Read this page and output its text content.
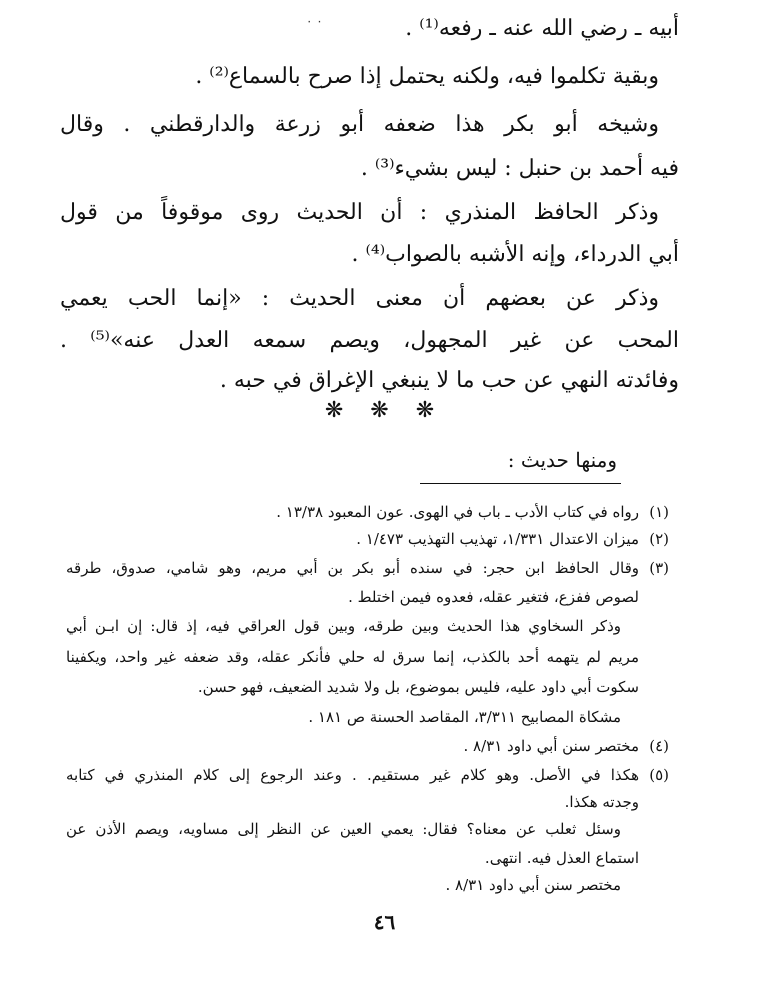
٠ ٠	أبيه ـ رضي الله عنه ـ رفعه⁽¹⁾ .
وبقية تكلموا فيه، ولكنه يحتمل إذا صرح بالسماع⁽²⁾ .
وشيخه أبو بكر هذا ضعفه أبو زرعة والدارقطني . وقال
فيه أحمد بن حنبل : ليس بشيء⁽³⁾ .
وذكر الحافظ المنذري : أن الحديث روى موقوفاً من قول
أبي الدرداء، وإنه الأشبه بالصواب⁽⁴⁾ .
وذكر عن بعضهم أن معنى الحديث : «إنما الحب يعمي
المحب عن غير المجهول، ويصم سمعه العدل عنه»⁽⁵⁾ .
وفائدته النهي عن حب ما لا ينبغي الإغراق في حبه .
❋ ❋ ❋
ومنها حديث :
(١)
رواه في كتاب الأدب ـ باب في الهوى. عون المعبود ١٣/٣٨ .
(٢)
ميزان الاعتدال ١/٣٣١، تهذيب التهذيب ١/٤٧٣ .
(٣)
وقال الحافظ ابن حجر: في سنده أبو بكر بن أبي مريم، وهو شامي، صدوق، طرقه
لصوص ففزع، فتغير عقله، فعدوه فيمن اختلط .
وذكر السخاوي هذا الحديث وبين طرقه، وبين قول العراقي فيه، إذ قال: إن ابـن أبي
مريم لم يتهمه أحد بالكذب، إنما سرق له حلي فأنكر عقله، وقد ضعفه غير واحد، ويكفينا
سكوت أبي داود عليه، فليس بموضوع، بل ولا شديد الضعيف، فهو حسن.
مشكاة المصابيح ٣/٣١١، المقاصد الحسنة ص ١٨١ .
(٤)
مختصر سنن أبي داود ٨/٣١ .
(٥)
هكذا في الأصل. وهو كلام غير مستقيم. . وعند الرجوع إلى كلام المنذري في كتابه
وجدته هكذا.
وسئل ثعلب عن معناه؟ فقال: يعمي العين عن النظر إلى مساويه، ويصم الأذن عن
استماع العذل فيه. انتهى.
مختصر سنن أبي داود ٨/٣١ .
٤٦
